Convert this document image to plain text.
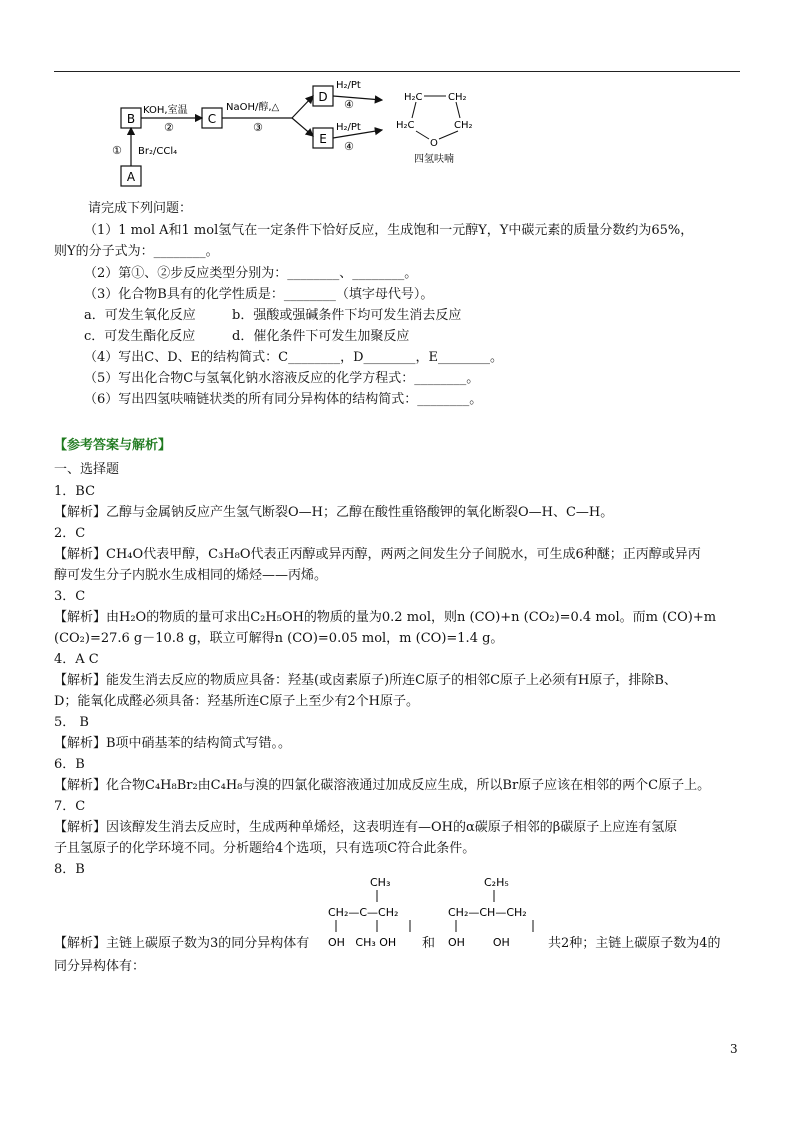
A
① Br₂/CCl₄
B
KOH,室温
②
C
NaOH/醇,△
③
D
E
H₂/Pt
④
H₂/Pt
④
H₂C	CH₂
H₂C	CH₂
O
四氢呋喃
请完成下列问题：
（1）1 mol A和1 mol氢气在一定条件下恰好反应，生成饱和一元醇Y，Y中碳元素的质量分数约为65%，
则Y的分子式为：________。
（2）第①、②步反应类型分别为：________、________。
（3）化合物B具有的化学性质是：________（填字母代号）。
a．可发生氧化反应	b．强酸或强碱条件下均可发生消去反应
c．可发生酯化反应	d．催化条件下可发生加聚反应
（4）写出C、D、E的结构简式：C________，D________，E________。
（5）写出化合物C与氢氧化钠水溶液反应的化学方程式：________。
（6）写出四氢呋喃链状类的所有同分异构体的结构简式：________。
【参考答案与解析】
一、选择题
1．BC
【解析】乙醇与金属钠反应产生氢气断裂O—H；乙醇在酸性重铬酸钾的氧化断裂O—H、C—H。
2．C
【解析】CH₄O代表甲醇，C₃H₈O代表正丙醇或异丙醇，两两之间发生分子间脱水，可生成6种醚；正丙醇或异丙
醇可发生分子内脱水生成相同的烯烃——丙烯。
3．C
【解析】由H₂O的物质的量可求出C₂H₅OH的物质的量为0.2 mol，则n (CO)+n (CO₂)=0.4 mol。而m (CO)+m
(CO₂)=27.6 g－10.8 g，联立可解得n (CO)=0.05 mol，m (CO)=1.4 g。
4．A C
【解析】能发生消去反应的物质应具备：羟基(或卤素原子)所连C原子的相邻C原子上必须有H原子，排除B、
D；能氧化成醛必须具备：羟基所连C原子上至少有2个H原子。
5． B
【解析】B项中硝基苯的结构简式写错。。
6．B
【解析】化合物C₄H₈Br₂由C₄H₈与溴的四氯化碳溶液通过加成反应生成，所以Br原子应该在相邻的两个C原子上。
7．C
【解析】因该醇发生消去反应时，生成两种单烯烃，这表明连有—OH的α碳原子相邻的β碳原子上应连有氢原
子且氢原子的化学环境不同。分析题给4个选项，只有选项C符合此条件。
8．B
CH₃
CH₂—C—CH₂
OH   CH₃ OH
C₂H₅
CH₂—CH—CH₂
OH        OH
【解析】主链上碳原子数为3的同分异构体有	和	共2种；主链上碳原子数为4的
同分异构体有：
3
